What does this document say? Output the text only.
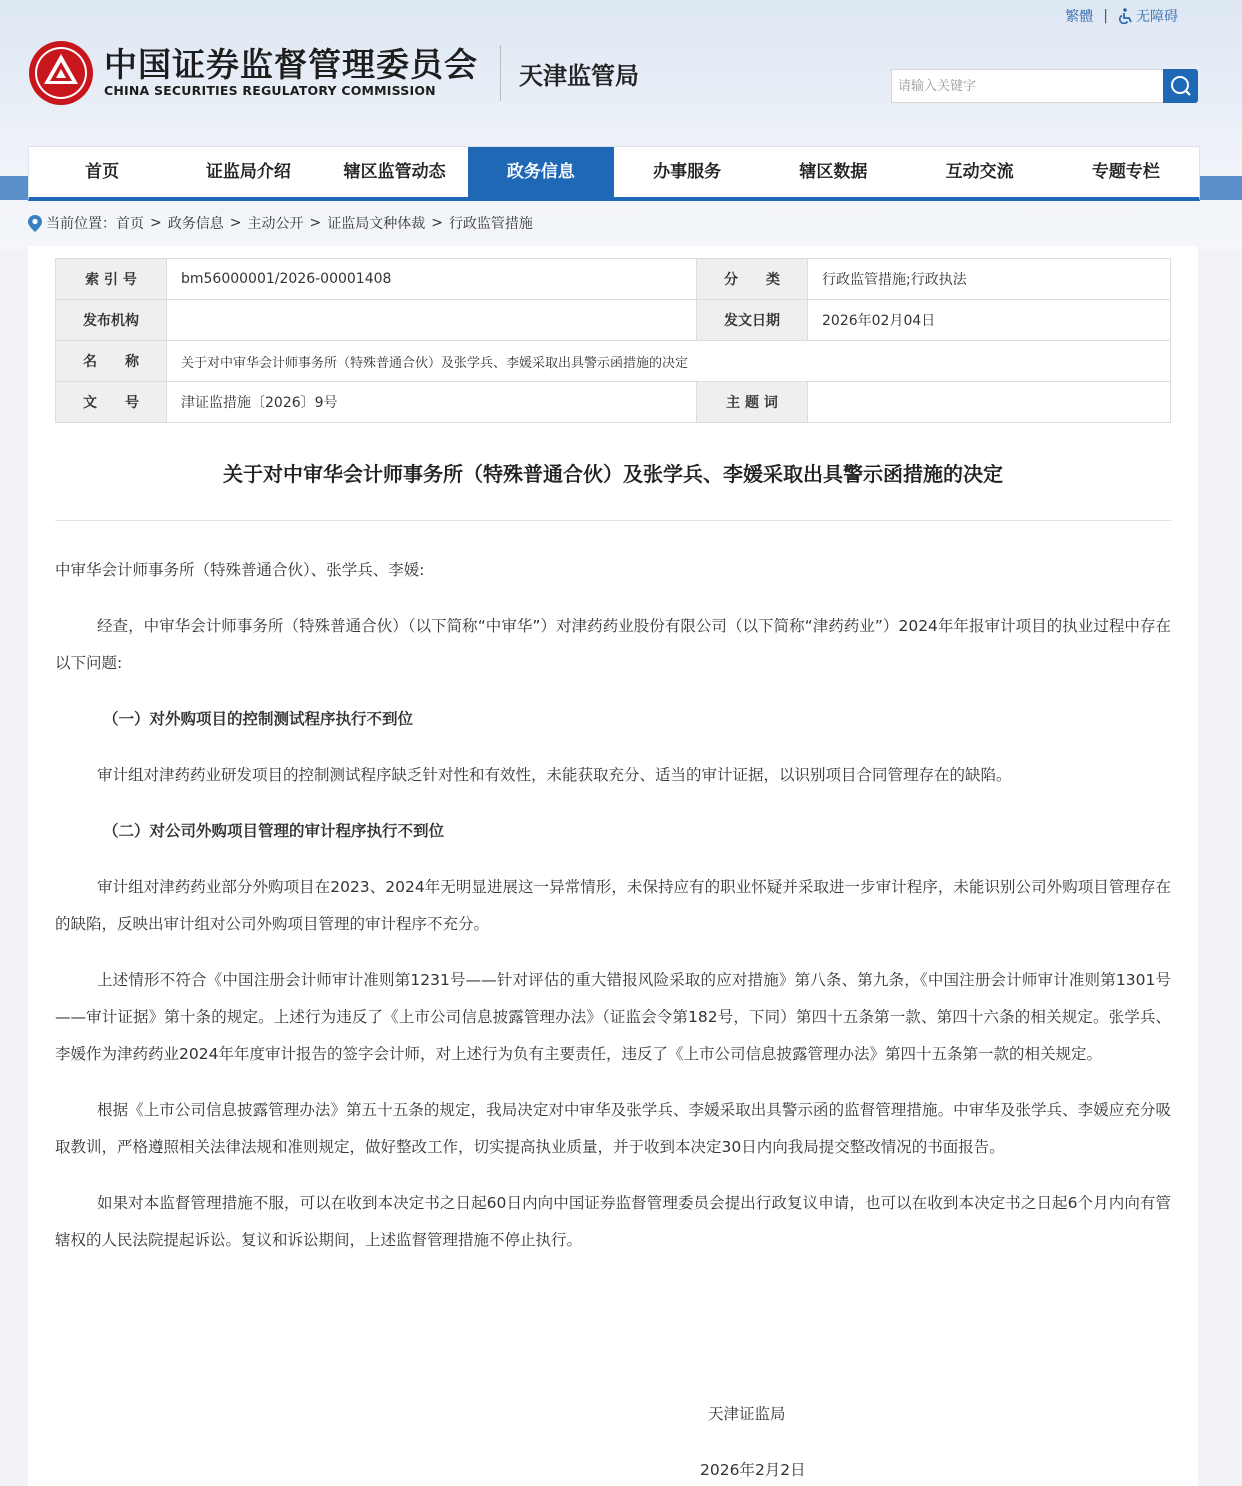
繁體 | 无障碍
中国证券监督管理委员会
CHINA SECURITIES REGULATORY COMMISSION
天津监管局
请输入关键字
首页	证监局介绍	辖区监管动态	政务信息	办事服务	辖区数据	互动交流	专题专栏
当前位置： 首页 > 政务信息 > 主动公开 > 证监局文种体裁 > 行政监管措施
索 引 号	bm56000001/2026-00001408	分　　类	行政监管措施;行政执法
发布机构		发文日期	2026年02月04日
名　　称	关于对中审华会计师事务所（特殊普通合伙）及张学兵、李媛采取出具警示函措施的决定		
文　　号	津证监措施〔2026〕9号	主 题 词	
关于对中审华会计师事务所（特殊普通合伙）及张学兵、李媛采取出具警示函措施的决定

中审华会计师事务所（特殊普通合伙）、张学兵、李媛:

经查，中审华会计师事务所（特殊普通合伙）（以下简称“中审华”）对津药药业股份有限公司（以下简称“津药药业”）2024年年报审计项目的执业过程中存在以下问题:

（一）对外购项目的控制测试程序执行不到位

审计组对津药药业研发项目的控制测试程序缺乏针对性和有效性，未能获取充分、适当的审计证据，以识别项目合同管理存在的缺陷。

（二）对公司外购项目管理的审计程序执行不到位

审计组对津药药业部分外购项目在2023、2024年无明显进展这一异常情形，未保持应有的职业怀疑并采取进一步审计程序，未能识别公司外购项目管理存在的缺陷，反映出审计组对公司外购项目管理的审计程序不充分。

上述情形不符合《中国注册会计师审计准则第1231号——针对评估的重大错报风险采取的应对措施》第八条、第九条，《中国注册会计师审计准则第1301号——审计证据》第十条的规定。上述行为违反了《上市公司信息披露管理办法》（证监会令第182号，下同）第四十五条第一款、第四十六条的相关规定。张学兵、李媛作为津药药业2024年年度审计报告的签字会计师，对上述行为负有主要责任，违反了《上市公司信息披露管理办法》第四十五条第一款的相关规定。

根据《上市公司信息披露管理办法》第五十五条的规定，我局决定对中审华及张学兵、李媛采取出具警示函的监督管理措施。中审华及张学兵、李媛应充分吸取教训，严格遵照相关法律法规和准则规定，做好整改工作，切实提高执业质量，并于收到本决定30日内向我局提交整改情况的书面报告。

如果对本监督管理措施不服，可以在收到本决定书之日起60日内向中国证券监督管理委员会提出行政复议申请，也可以在收到本决定书之日起6个月内向有管辖权的人民法院提起诉讼。复议和诉讼期间，上述监督管理措施不停止执行。

天津证监局
2026年2月2日
